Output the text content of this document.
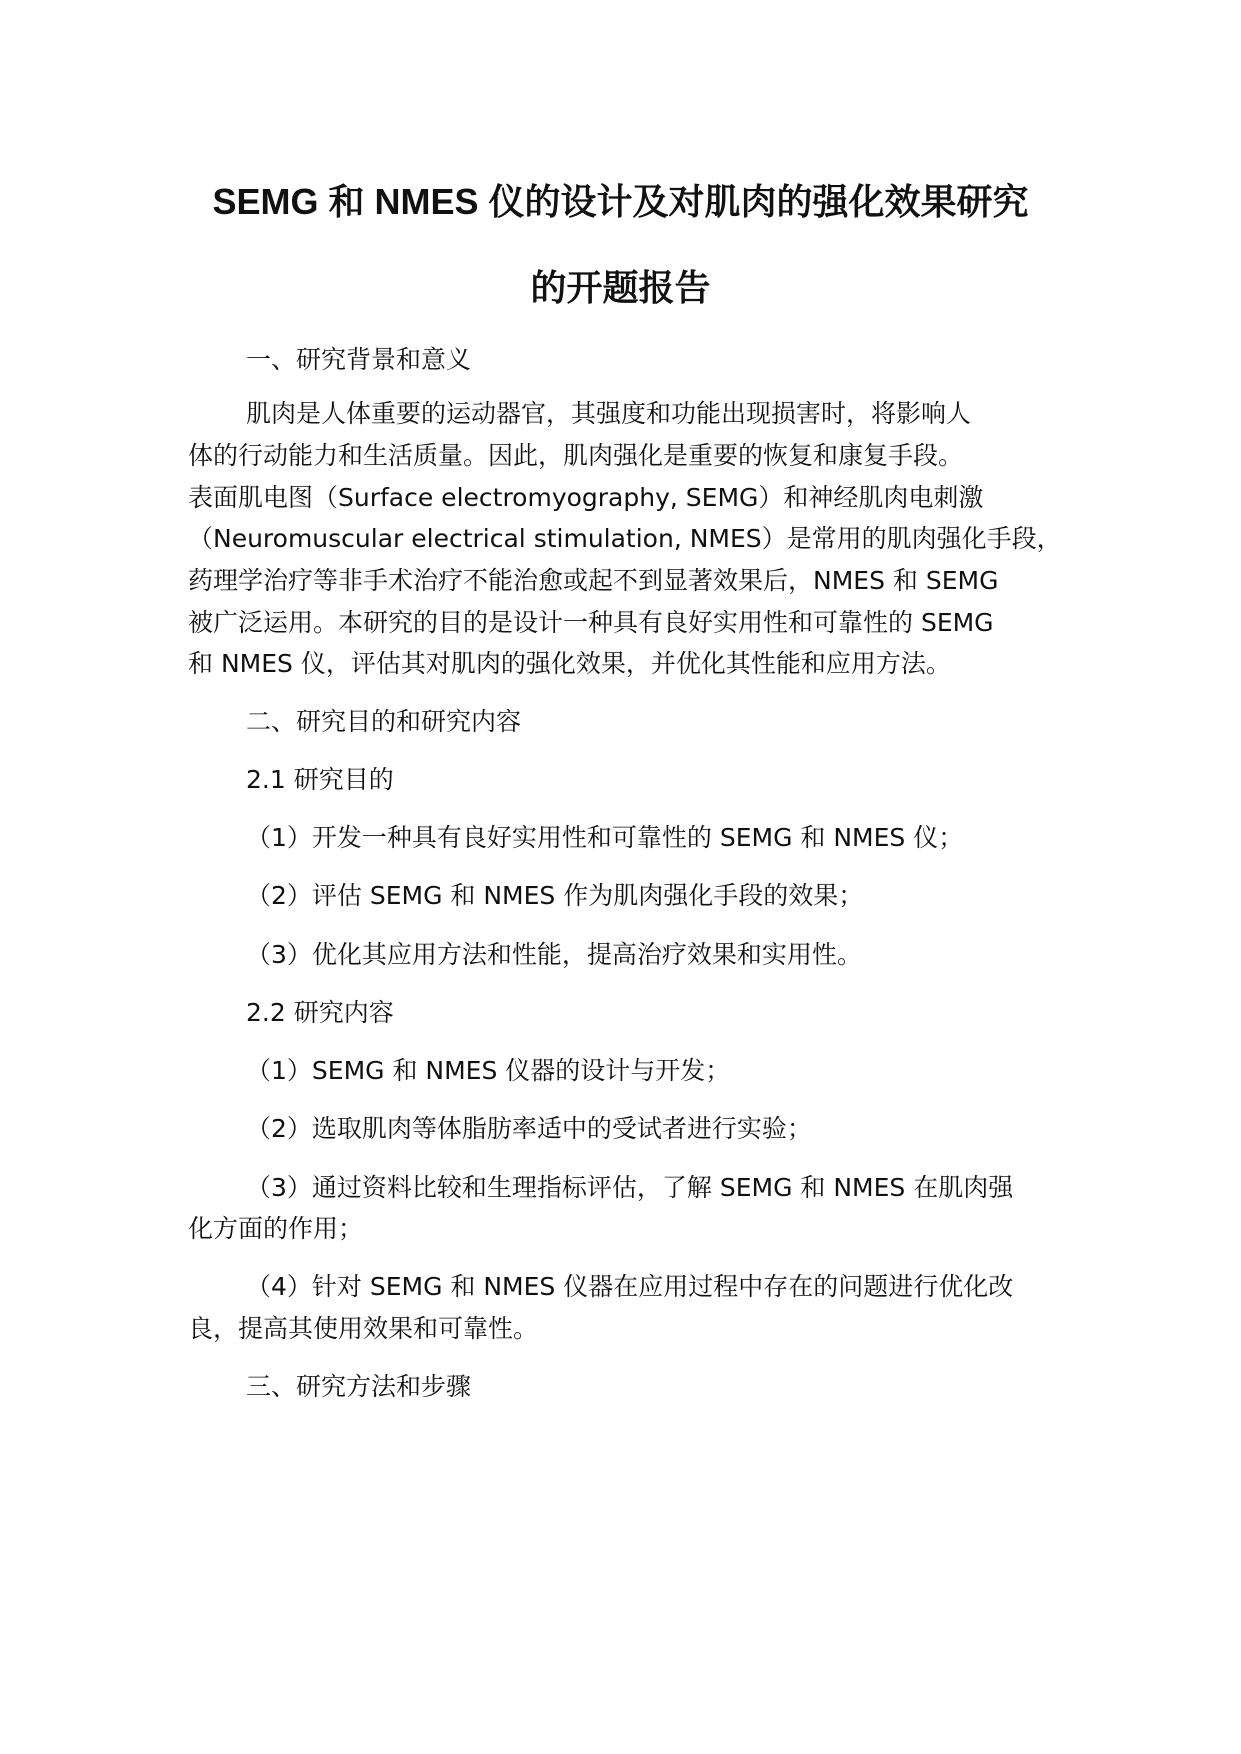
SEMG 和 NMES 仪的设计及对肌肉的强化效果研究
的开题报告
一、研究背景和意义
肌肉是人体重要的运动器官，其强度和功能出现损害时，将影响人
体的行动能力和生活质量。因此，肌肉强化是重要的恢复和康复手段。
表面肌电图（Surface electromyography, SEMG）和神经肌肉电刺激
（Neuromuscular electrical stimulation, NMES）是常用的肌肉强化手段，
药理学治疗等非手术治疗不能治愈或起不到显著效果后，NMES 和 SEMG
被广泛运用。本研究的目的是设计一种具有良好实用性和可靠性的 SEMG
和 NMES 仪，评估其对肌肉的强化效果，并优化其性能和应用方法。
二、研究目的和研究内容
2.1 研究目的
（1）开发一种具有良好实用性和可靠性的 SEMG 和 NMES 仪；
（2）评估 SEMG 和 NMES 作为肌肉强化手段的效果；
（3）优化其应用方法和性能，提高治疗效果和实用性。
2.2 研究内容
（1）SEMG 和 NMES 仪器的设计与开发；
（2）选取肌肉等体脂肪率适中的受试者进行实验；
（3）通过资料比较和生理指标评估，了解 SEMG 和 NMES 在肌肉强
化方面的作用；
（4）针对 SEMG 和 NMES 仪器在应用过程中存在的问题进行优化改
良，提高其使用效果和可靠性。
三、研究方法和步骤
